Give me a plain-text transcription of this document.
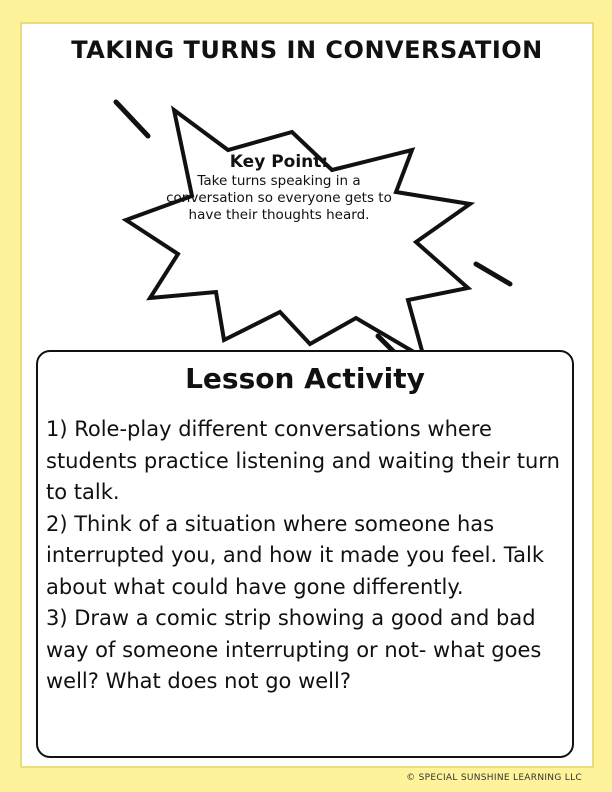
TAKING TURNS IN CONVERSATION
Key Point:
Take turns speaking in a conversation so everyone gets to have their thoughts heard.
Lesson Activity
1) Role-play different conversations where students practice listening and waiting their turn to talk.
2) Think of a situation where someone has interrupted you, and how it made you feel. Talk about what could have gone differently.
3) Draw a comic strip showing a good and bad way of someone interrupting or not- what goes well? What does not go well?
© SPECIAL SUNSHINE LEARNING LLC
